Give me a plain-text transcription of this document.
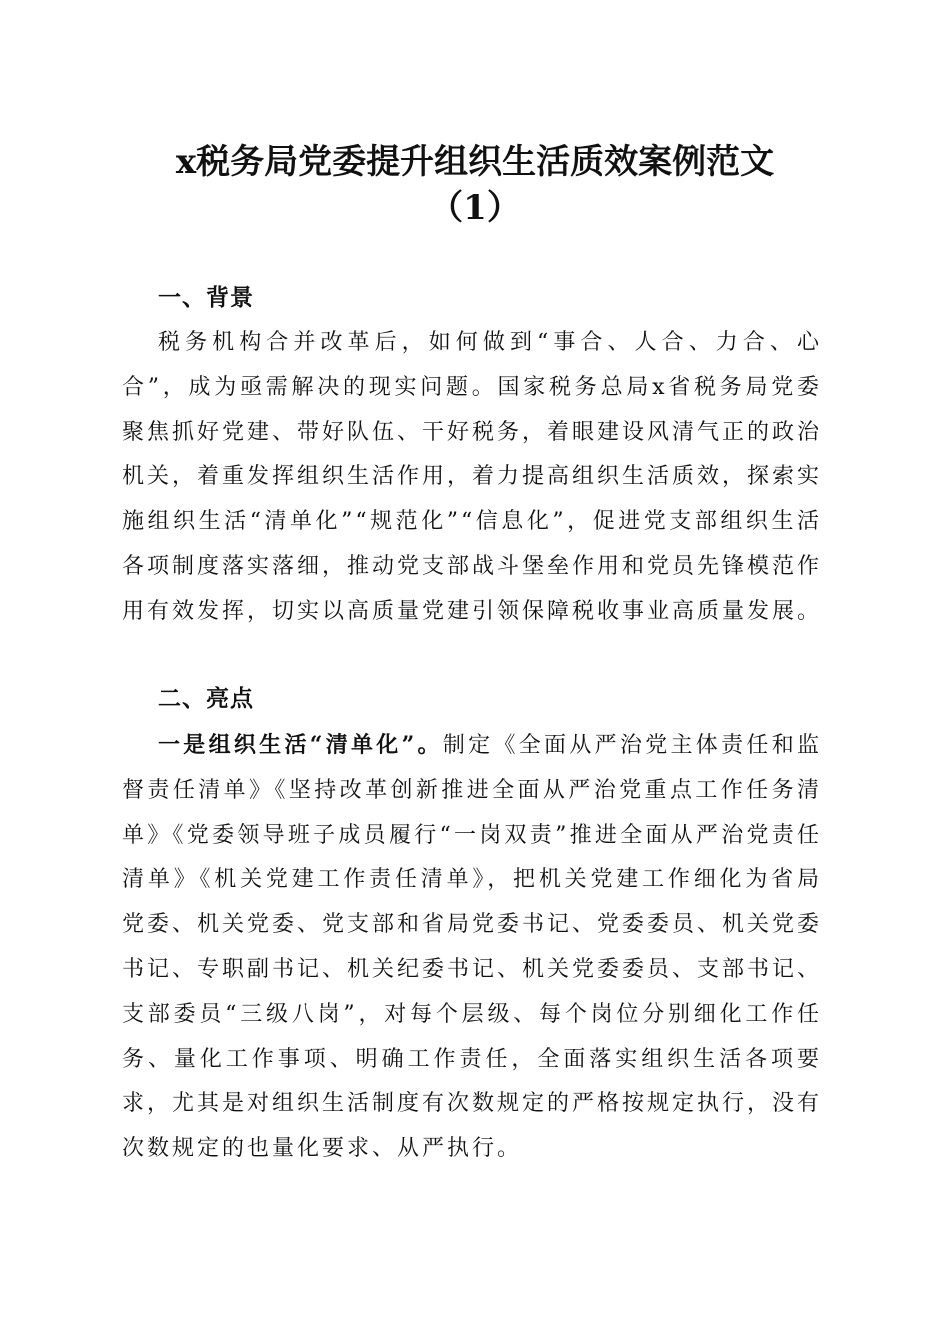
x税务局党委提升组织生活质效案例范文
（1）
一、背景

税务机构合并改革后，如何做到“事合、人合、力合、心合”，成为亟需解决的现实问题。国家税务总局x省税务局党委聚焦抓好党建、带好队伍、干好税务，着眼建设风清气正的政治机关，着重发挥组织生活作用，着力提高组织生活质效，探索实施组织生活“清单化”“规范化”“信息化”，促进党支部组织生活各项制度落实落细，推动党支部战斗堡垒作用和党员先锋模范作用有效发挥，切实以高质量党建引领保障税收事业高质量发展。

二、亮点

一是组织生活“清单化”。制定《全面从严治党主体责任和监督责任清单》《坚持改革创新推进全面从严治党重点工作任务清单》《党委领导班子成员履行“一岗双责”推进全面从严治党责任清单》《机关党建工作责任清单》，把机关党建工作细化为省局党委、机关党委、党支部和省局党委书记、党委委员、机关党委书记、专职副书记、机关纪委书记、机关党委委员、支部书记、支部委员“三级八岗”，对每个层级、每个岗位分别细化工作任务、量化工作事项、明确工作责任，全面落实组织生活各项要求，尤其是对组织生活制度有次数规定的严格按规定执行，没有次数规定的也量化要求、从严执行。
